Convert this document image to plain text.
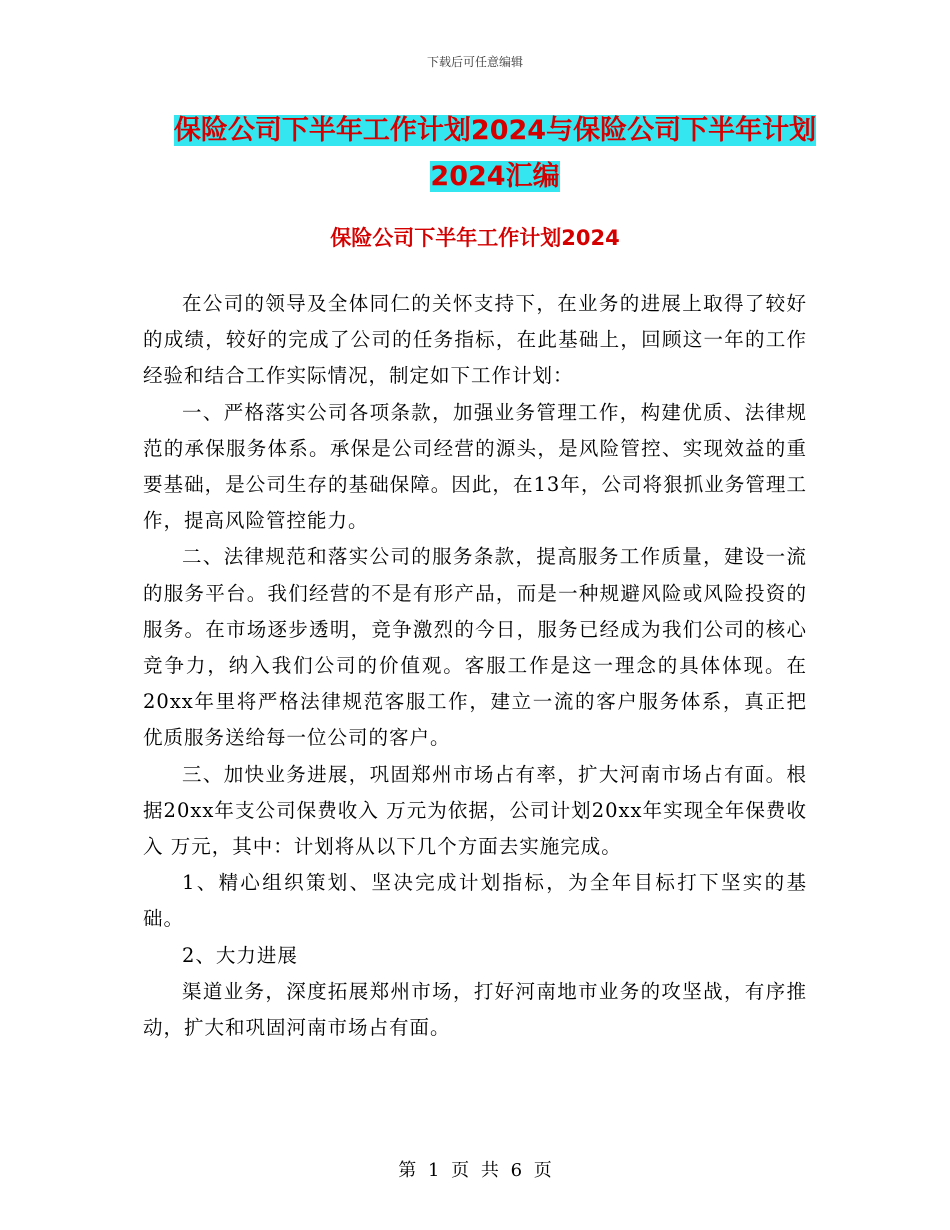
下载后可任意编辑
保险公司下半年工作计划2024与保险公司下半年计划
2024汇编
保险公司下半年工作计划2024

在公司的领导及全体同仁的关怀支持下，在业务的进展上取得了较好的成绩，较好的完成了公司的任务指标，在此基础上，回顾这一年的工作经验和结合工作实际情况，制定如下工作计划：

一、严格落实公司各项条款，加强业务管理工作，构建优质、法律规范的承保服务体系。承保是公司经营的源头，是风险管控、实现效益的重要基础，是公司生存的基础保障。因此，在13年，公司将狠抓业务管理工作，提高风险管控能力。

二、法律规范和落实公司的服务条款，提高服务工作质量，建设一流的服务平台。我们经营的不是有形产品，而是一种规避风险或风险投资的服务。在市场逐步透明，竞争激烈的今日，服务已经成为我们公司的核心竞争力，纳入我们公司的价值观。客服工作是这一理念的具体体现。在20xx年里将严格法律规范客服工作，建立一流的客户服务体系，真正把优质服务送给每一位公司的客户。

三、加快业务进展，巩固郑州市场占有率，扩大河南市场占有面。根据20xx年支公司保费收入 万元为依据，公司计划20xx年实现全年保费收入 万元，其中：计划将从以下几个方面去实施完成。

1、精心组织策划、坚决完成计划指标，为全年目标打下坚实的基础。

2、大力进展

渠道业务，深度拓展郑州市场，打好河南地市业务的攻坚战，有序推动，扩大和巩固河南市场占有面。

第 1 页 共 6 页
